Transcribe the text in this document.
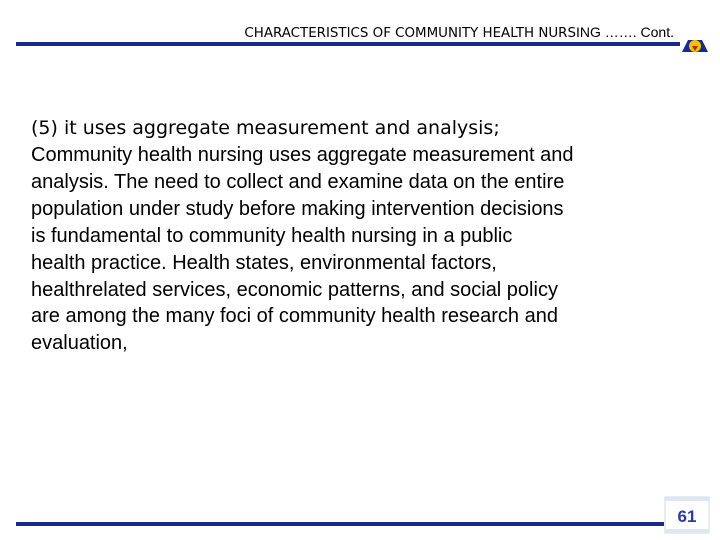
CHARACTERISTICS OF COMMUNITY HEALTH NURSING ……. Cont.

(5) it uses aggregate measurement and analysis;

Community health nursing uses aggregate measurement and
analysis. The need to collect and examine data on the entire
population under study before making intervention decisions
is fundamental to community health nursing in a public
health practice. Health states, environmental factors,
healthrelated services, economic patterns, and social policy
are among the many foci of community health research and
evaluation,

61
